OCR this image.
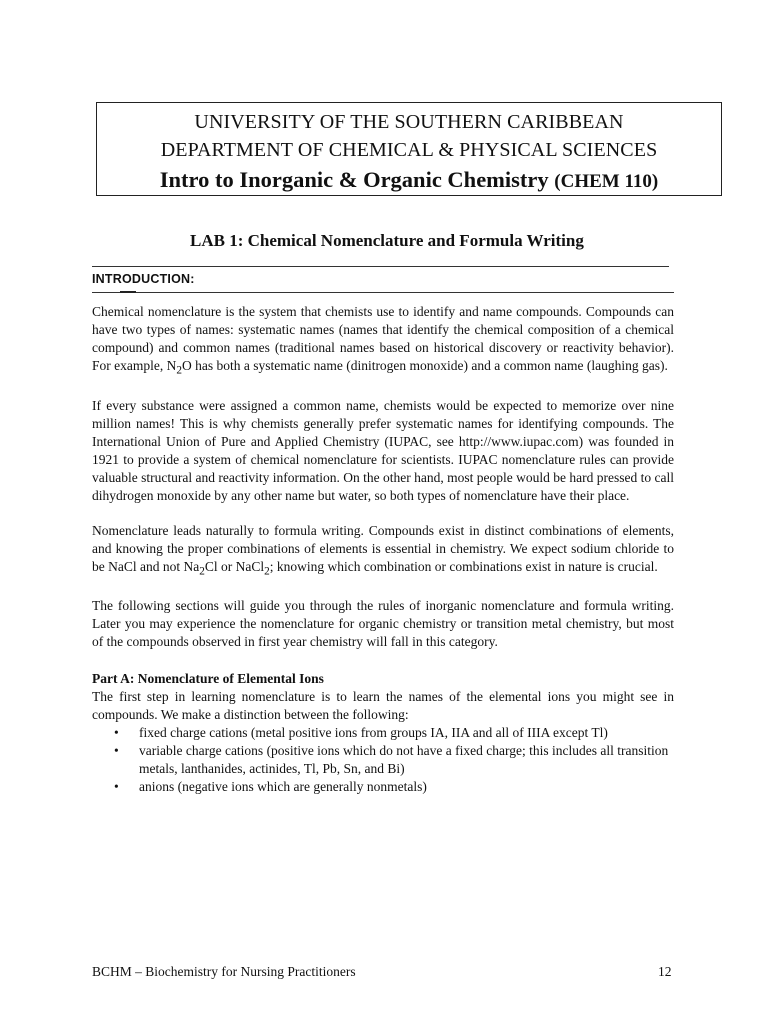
UNIVERSITY OF THE SOUTHERN CARIBBEAN
DEPARTMENT OF CHEMICAL & PHYSICAL SCIENCES
Intro to Inorganic & Organic Chemistry (CHEM 110)
LAB 1: Chemical Nomenclature and Formula Writing
INTRODUCTION:

Chemical nomenclature is the system that chemists use to identify and name compounds. Compounds can have two types of names: systematic names (names that identify the chemical composition of a chemical compound) and common names (traditional names based on historical discovery or reactivity behavior). For example, $N_2O$ has both a systematic name (dinitrogen monoxide) and a common name (laughing gas).

If every substance were assigned a common name, chemists would be expected to memorize over nine million names! This is why chemists generally prefer systematic names for identifying compounds. The International Union of Pure and Applied Chemistry (IUPAC, see http://www.iupac.com) was founded in 1921 to provide a system of chemical nomenclature for scientists. IUPAC nomenclature rules can provide valuable structural and reactivity information. On the other hand, most people would be hard pressed to call dihydrogen monoxide by any other name but water, so both types of nomenclature have their place.

Nomenclature leads naturally to formula writing. Compounds exist in distinct combinations of elements, and knowing the proper combinations of elements is essential in chemistry. We expect sodium chloride to be NaCl and not $Na_2Cl$ or NaCl$_2$; knowing which combination or combinations exist in nature is crucial.

The following sections will guide you through the rules of inorganic nomenclature and formula writing. Later you may experience the nomenclature for organic chemistry or transition metal chemistry, but most of the compounds observed in first year chemistry will fall in this category.

Part A: Nomenclature of Elemental Ions

The first step in learning nomenclature is to learn the names of the elemental ions you might see in compounds. We make a distinction between the following:

• fixed charge cations (metal positive ions from groups IA, IIA and all of IIIA except Tl)
• variable charge cations (positive ions which do not have a fixed charge; this includes all transition metals, lanthanides, actinides, Tl, Pb, Sn, and Bi)
• anions (negative ions which are generally nonmetals)
BCHM – Biochemistry for Nursing Practitioners	12
